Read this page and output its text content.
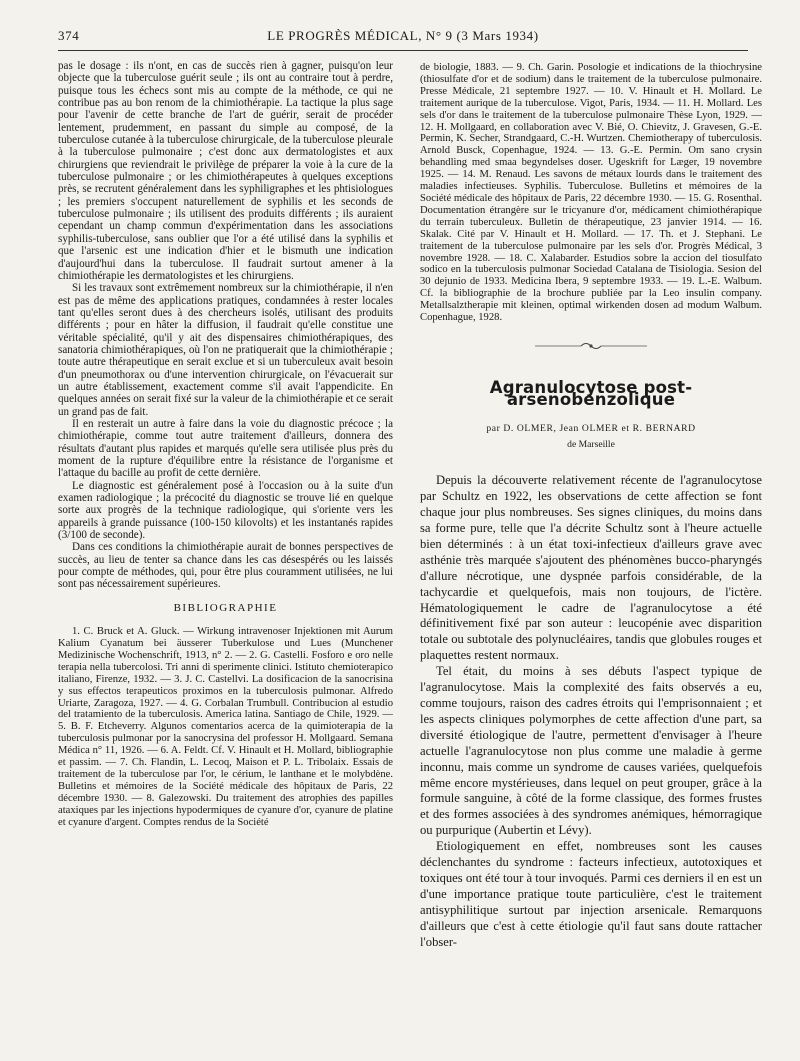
374	LE PROGRÈS MÉDICAL, N° 9 (3 Mars 1934)

pas le dosage : ils n'ont, en cas de succès rien à gagner, puisqu'on leur objecte que la tuberculose guérit seule ; ils ont au contraire tout à perdre, puisque tous les échecs sont mis au compte de la méthode, ce qui ne contribue pas au bon renom de la chimiothérapie. La tactique la plus sage pour l'avenir de cette branche de l'art de guérir, serait de procéder lentement, prudemment, en passant du simple au composé, de la tuberculose cutanée à la tuberculose chirurgicale, de la tuberculose pleurale à la tuberculose pulmonaire ; c'est donc aux dermatologistes et aux chirurgiens que reviendrait le privilège de préparer la voie à la cure de la tuberculose pulmonaire ; or les chimiothérapeutes à quelques exceptions près, se recrutent généralement dans les syphiligraphes et les phtisiologues ; les premiers s'occupent naturellement de syphilis et les seconds de tuberculose pulmonaire ; ils utilisent des produits différents ; ils auraient cependant un champ commun d'expérimentation dans les associations syphilis-tuberculose, sans oublier que l'or a été utilisé dans la syphilis et que l'arsenic est une indication d'hier et le bismuth une indication d'aujourd'hui dans la tuberculose. Il faudrait surtout amener à la chimiothérapie les dermatologistes et les chirurgiens.

Si les travaux sont extrêmement nombreux sur la chimiothérapie, il n'en est pas de même des applications pratiques, condamnées à rester locales tant qu'elles seront dues à des chercheurs isolés, utilisant des produits différents ; pour en hâter la diffusion, il faudrait qu'elle constitue une véritable spécialité, qu'il y ait des dispensaires chimiothérapiques, des sanatoria chimiothérapiques, où l'on ne pratiquerait que la chimiothérapie ; toute autre thérapeutique en serait exclue et si un tuberculeux avait besoin d'un pneumothorax ou d'une intervention chirurgicale, on l'évacuerait sur un autre établissement, exactement comme s'il avait l'appendicite. En quelques années on serait fixé sur la valeur de la chimiothérapie et ce serait un grand pas de fait.

Il en resterait un autre à faire dans la voie du diagnostic précoce ; la chimiothérapie, comme tout autre traitement d'ailleurs, donnera des résultats d'autant plus rapides et marqués qu'elle sera utilisée plus près du moment de la rupture d'équilibre entre la résistance de l'organisme et l'attaque du bacille au profit de cette dernière.

Le diagnostic est généralement posé à l'occasion ou à la suite d'un examen radiologique ; la précocité du diagnostic se trouve lié en quelque sorte aux progrès de la technique radiologique, qui s'oriente vers les appareils à grande puissance (100-150 kilovolts) et les instantanés rapides (3/100 de seconde).

Dans ces conditions la chimiothérapie aurait de bonnes perspectives de succès, au lieu de tenter sa chance dans les cas désespérés ou les laissés pour compte de méthodes, qui, pour être plus couramment utilisées, ne lui sont pas nécessairement supérieures.

BIBLIOGRAPHIE

1. C. Bruck et A. Gluck. — Wirkung intravenoser Injektionen mit Aurum Kalium Cyanatum bei äusserer Tuberkulose und Lues (Munchener Medizinische Wochenschrift, 1913, n° 2. — 2. G. Castelli. Fosforo e oro nelle terapia nella tubercolosi. Tri anni di sperimente clinici. Istituto chemioterapico italiano, Firenze, 1932. — 3. J. C. Castellvi. La dosificacion de la sanocrisina y sus effectos terapeuticos proximos en la tuberculosis pulmonar. Alfredo Uriarte, Zaragoza, 1927. — 4. G. Corbalan Trumbull. Contribucion al estudio del tratamiento de la tuberculosis. America latina. Santiago de Chile, 1929. — 5. B. F. Etcheverry. Algunos comentarios acerca de la quimioterapia de la tuberculosis pulmonar por la sanocrysina del professor H. Mollgaard. Semana Médica n° 11, 1926. — 6. A. Feldt. Cf. V. Hinault et H. Mollard, bibliographie et passim. — 7. Ch. Flandin, L. Lecoq, Maison et P. L. Tribolaix. Essais de traitement de la tuberculose par l'or, le cérium, le lanthane et le molybdène. Bulletins et mémoires de la Société médicale des hôpitaux de Paris, 22 décembre 1930. — 8. Galezowski. Du traitement des atrophies des papilles ataxiques par les injections hypodermiques de cyanure d'or, cyanure de platine et cyanure d'argent. Comptes rendus de la Société

de biologie, 1883. — 9. Ch. Garin. Posologie et indications de la thiochrysine (thiosulfate d'or et de sodium) dans le traitement de la tuberculose pulmonaire. Presse Médicale, 21 septembre 1927. — 10. V. Hinault et H. Mollard. Le traitement aurique de la tuberculose. Vigot, Paris, 1934. — 11. H. Mollard. Les sels d'or dans le traitement de la tuberculose pulmonaire Thèse Lyon, 1929. — 12. H. Mollgaard, en collaboration avec V. Bié, O. Chievitz, J. Gravesen, G.-E. Permin, K. Secher, Strandgaard, C.-H. Wurtzen. Chemiotherapy of tuberculosis. Arnold Busck, Copenhague, 1924. — 13. G.-E. Permin. Om sano crysin behandling med smaa begyndelses doser. Ugeskrift for Læger, 19 novembre 1925. — 14. M. Renaud. Les savons de métaux lourds dans le traitement des maladies infectieuses. Syphilis. Tuberculose. Bulletins et mémoires de la Société médicale des hôpitaux de Paris, 22 décembre 1930. — 15. G. Rosenthal. Documentation étrangère sur le tricyanure d'or, médicament chimiothérapique du terrain tuberculeux. Bulletin de thérapeutique, 23 janvier 1914. — 16. Skalak. Cité par V. Hinault et H. Mollard. — 17. Th. et J. Stephani. Le traitement de la tuberculose pulmonaire par les sels d'or. Progrès Médical, 3 novembre 1928. — 18. C. Xalabarder. Estudios sobre la accion del tiosulfato sodico en la tuberculosis pulmonar Sociedad Catalana de Tisiologia. Sesion del 30 dejunio de 1933. Medicina Ibera, 9 septembre 1933. — 19. L.-E. Walbum. Cf. la bibliographie de la brochure publiée par la Leo insulin company. Metallsalztherapie mit kleinen, optimal wirkenden dosen ad modum Walbum. Copenhague, 1928.

Agranulocytose post-arsenobenzolique
par D. OLMER, Jean OLMER et R. BERNARD
de Marseille

Depuis la découverte relativement récente de l'agranulocytose par Schultz en 1922, les observations de cette affection se font chaque jour plus nombreuses. Ses signes cliniques, du moins dans sa forme pure, telle que l'a décrite Schultz sont à l'heure actuelle bien déterminés : à un état toxi-infectieux d'ailleurs grave avec asthénie très marquée s'ajoutent des phénomènes bucco-pharyngés d'allure nécrotique, une dyspnée parfois considérable, de la tachycardie et quelquefois, mais non toujours, de l'ictère. Hématologiquement le cadre de l'agranulocytose a été définitivement fixé par son auteur : leucopénie avec disparition totale ou subtotale des polynucléaires, tandis que globules rouges et plaquettes restent normaux.

Tel était, du moins à ses débuts l'aspect typique de l'agranulocytose. Mais la complexité des faits observés a eu, comme toujours, raison des cadres étroits qui l'emprisonnaient ; et les aspects cliniques polymorphes de cette affection d'une part, sa diversité étiologique de l'autre, permettent d'envisager à l'heure actuelle l'agranulocytose non plus comme une maladie à germe inconnu, mais comme un syndrome de causes variées, quelquefois même encore mystérieuses, dans lequel on peut grouper, grâce à la formule sanguine, à côté de la forme classique, des formes frustes et des formes associées à des syndromes anémiques, hémorragique ou purpurique (Aubertin et Lévy).

Etiologiquement en effet, nombreuses sont les causes déclenchantes du syndrome : facteurs infectieux, autotoxiques et toxiques ont été tour à tour invoqués. Parmi ces derniers il en est un d'une importance pratique toute particulière, c'est le traitement antisyphilitique surtout par injection arsenicale. Remarquons d'ailleurs que c'est à cette étiologie qu'il faut sans doute rattacher l'obser-
